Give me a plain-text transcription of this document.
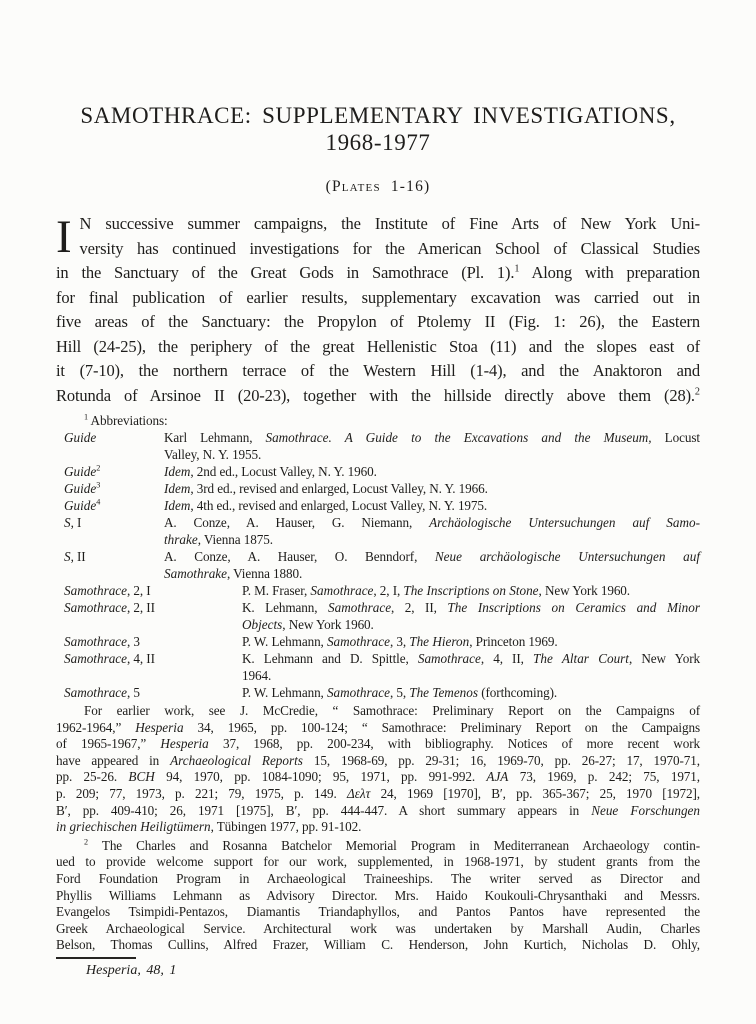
SAMOTHRACE: SUPPLEMENTARY INVESTIGATIONS,
1968-1977
(Plates 1-16)
I N successive summer campaigns, the Institute of Fine Arts of New York Uni-
versity has continued investigations for the American School of Classical Studies
in the Sanctuary of the Great Gods in Samothrace (Pl. 1).$^1$ Along with preparation
for final publication of earlier results, supplementary excavation was carried out in
five areas of the Sanctuary: the Propylon of Ptolemy II (Fig. 1: 26), the Eastern
Hill (24-25), the periphery of the great Hellenistic Stoa (11) and the slopes east of
it (7-10), the northern terrace of the Western Hill (1-4), and the Anaktoron and
Rotunda of Arsinoe II (20-23), together with the hillside directly above them (28).$^2$
$^1$ Abbreviations:
Guide	Karl Lehmann, Samothrace. A Guide to the Excavations and the Museum, Locust
Valley, N. Y. 1955.
Guide$^2$	Idem, 2nd ed., Locust Valley, N. Y. 1960.
Guide$^3$	Idem, 3rd ed., revised and enlarged, Locust Valley, N. Y. 1966.
Guide$^4$	Idem, 4th ed., revised and enlarged, Locust Valley, N. Y. 1975.
S, I	A. Conze, A. Hauser, G. Niemann, Archäologische Untersuchungen auf Samo-
thrake, Vienna 1875.
S, II	A. Conze, A. Hauser, O. Benndorf, Neue archäologische Untersuchungen auf
Samothrake, Vienna 1880.
Samothrace, 2, I	P. M. Fraser, Samothrace, 2, I, The Inscriptions on Stone, New York 1960.
Samothrace, 2, II	K. Lehmann, Samothrace, 2, II, The Inscriptions on Ceramics and Minor
Objects, New York 1960.
Samothrace, 3	P. W. Lehmann, Samothrace, 3, The Hieron, Princeton 1969.
Samothrace, 4, II	K. Lehmann and D. Spittle, Samothrace, 4, II, The Altar Court, New York
1964.
Samothrace, 5	P. W. Lehmann, Samothrace, 5, The Temenos (forthcoming).
For earlier work, see J. McCredie, “ Samothrace: Preliminary Report on the Campaigns of
1962-1964,” Hesperia 34, 1965, pp. 100-124; “ Samothrace: Preliminary Report on the Campaigns
of 1965-1967,” Hesperia 37, 1968, pp. 200-234, with bibliography. Notices of more recent work
have appeared in Archaeological Reports 15, 1968-69, pp. 29-31; 16, 1969-70, pp. 26-27; 17, 1970-71,
pp. 25-26. BCH 94, 1970, pp. 1084-1090; 95, 1971, pp. 991-992. AJA 73, 1969, p. 242; 75, 1971,
p. 209; 77, 1973, p. 221; 79, 1975, p. 149. Δελτ 24, 1969 [1970], Β′, pp. 365-367; 25, 1970 [1972],
Β′, pp. 409-410; 26, 1971 [1975], Β′, pp. 444-447. A short summary appears in Neue Forschungen
in griechischen Heiligtümern, Tübingen 1977, pp. 91-102.
$^2$ The Charles and Rosanna Batchelor Memorial Program in Mediterranean Archaeology contin-
ued to provide welcome support for our work, supplemented, in 1968-1971, by student grants from the
Ford Foundation Program in Archaeological Traineeships. The writer served as Director and
Phyllis Williams Lehmann as Advisory Director. Mrs. Haido Koukouli-Chrysanthaki and Messrs.
Evangelos Tsimpidi-Pentazos, Diamantis Triandaphyllos, and Pantos Pantos have represented the
Greek Archaeological Service. Architectural work was undertaken by Marshall Audin, Charles
Belson, Thomas Cullins, Alfred Frazer, William C. Henderson, John Kurtich, Nicholas D. Ohly,
Hesperia, 48, 1
